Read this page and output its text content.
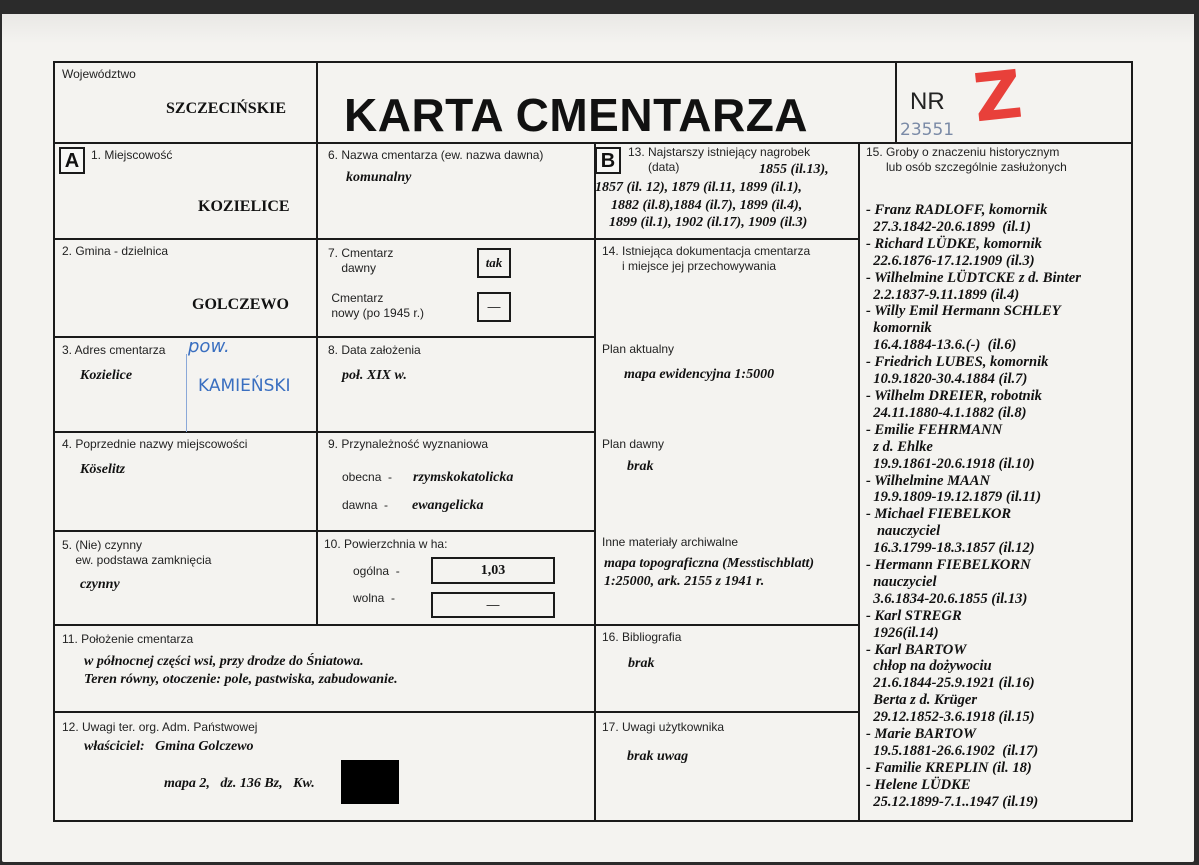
Województwo
SZCZECIŃSKIE KARTA CMENTARZA	NR
23551 Z
A	B
1. Miejscowość
KOZIELICE
2. Gmina - dzielnica
GOLCZEWO
3. Adres cmentarza
Kozielice
pow.
KAMIEŃSKI
4. Poprzednie nazwy miejscowości
Köselitz
5. (Nie) czynny
ew. podstawa zamknięcia
czynny
6. Nazwa cmentarza (ew. nazwa dawna)
komunalny
7. Cmentarz
dawny	tak
Cmentarz
nowy (po 1945 r.)	—
8. Data założenia
poł. XIX w.
9. Przynależność wyznaniowa
obecna  - rzymskokatolicka
dawna  - ewangelicka
10. Powierzchnia w ha:
ogólna  -	1,03
wolna  -	—
11. Położenie cmentarza
w północnej części wsi, przy drodze do Śniatowa.
Teren równy, otoczenie: pole, pastwiska, zabudowanie.
12. Uwagi ter. org. Adm. Państwowej
właściciel:   Gmina Golczewo
mapa 2,   dz. 136 Bz,   Kw.
13. Najstarszy istniejący nagrobek
(data)	1855 (il.13),
1857 (il. 12), 1879 (il.11, 1899 (il.1),
1882 (il.8),1884 (il.7), 1899 (il.4),
1899 (il.1), 1902 (il.17), 1909 (il.3)
14. Istniejąca dokumentacja cmentarza
i miejsce jej przechowywania
Plan aktualny
mapa ewidencyjna 1:5000
Plan dawny
brak
Inne materiały archiwalne
mapa topograficzna (Messtischblatt)
1:25000, ark. 2155 z 1941 r.
15. Groby o znaczeniu historycznym
lub osób szczególnie zasłużonych
- Franz RADLOFF, komornik
27.3.1842-20.6.1899  (il.1)
- Richard LÜDKE, komornik
22.6.1876-17.12.1909 (il.3)
- Wilhelmine LÜDTCKE z d. Binter
2.2.1837-9.11.1899 (il.4)
- Willy Emil Hermann SCHLEY
komornik
16.4.1884-13.6.(-)  (il.6)
- Friedrich LUBES, komornik
10.9.1820-30.4.1884 (il.7)
- Wilhelm DREIER, robotnik
24.11.1880-4.1.1882 (il.8)
- Emilie FEHRMANN
z d. Ehlke
19.9.1861-20.6.1918 (il.10)
- Wilhelmine MAAN
19.9.1809-19.12.1879 (il.11)
- Michael FIEBELKOR
nauczyciel
16.3.1799-18.3.1857 (il.12)
- Hermann FIEBELKORN
nauczyciel
3.6.1834-20.6.1855 (il.13)
- Karl STREGR
1926(il.14)
- Karl BARTOW
chłop na dożywociu
21.6.1844-25.9.1921 (il.16)
Berta z d. Krüger
29.12.1852-3.6.1918 (il.15)
- Marie BARTOW
19.5.1881-26.6.1902  (il.17)
- Familie KREPLIN (il. 18)
- Helene LÜDKE
25.12.1899-7.1..1947 (il.19)
16. Bibliografia
brak
17. Uwagi użytkownika
brak uwag
